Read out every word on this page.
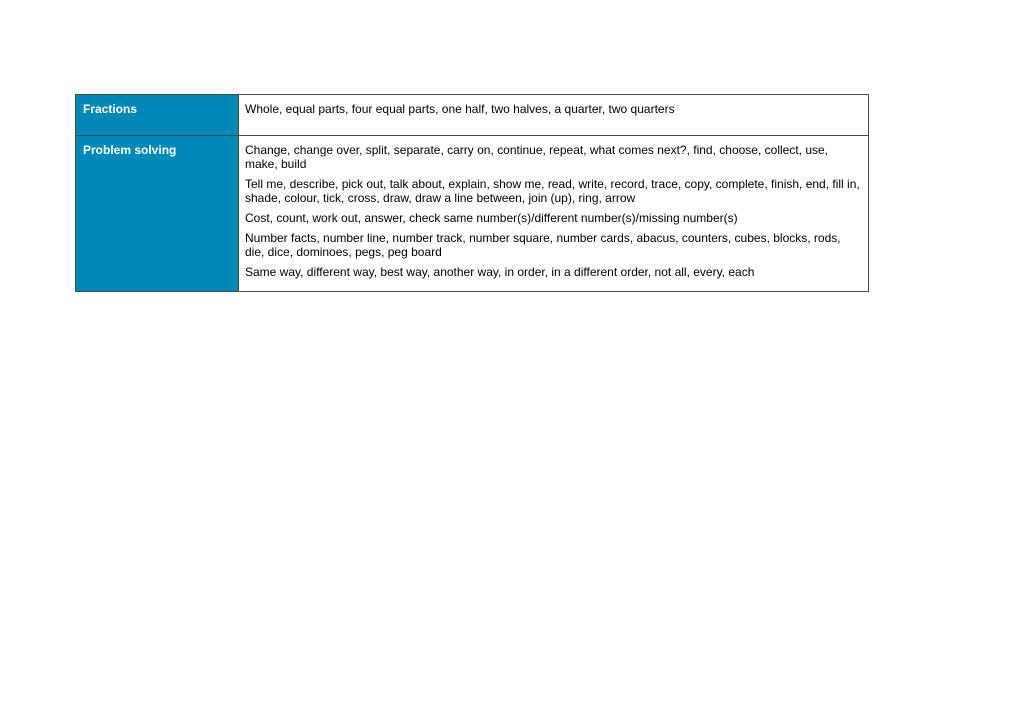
Fractions	Whole, equal parts, four equal parts, one half, two halves, a quarter, two quarters

Problem solving	Change, change over, split, separate, carry on, continue, repeat, what comes next?, find, choose, collect, use, make, build
Tell me, describe, pick out, talk about, explain, show me, read, write, record, trace, copy, complete, finish, end, fill in, shade, colour, tick, cross, draw, draw a line between, join (up), ring, arrow
Cost, count, work out, answer, check same number(s)/different number(s)/missing number(s)
Number facts, number line, number track, number square, number cards, abacus, counters, cubes, blocks, rods, die, dice, dominoes, pegs, peg board
Same way, different way, best way, another way, in order, in a different order, not all, every, each
